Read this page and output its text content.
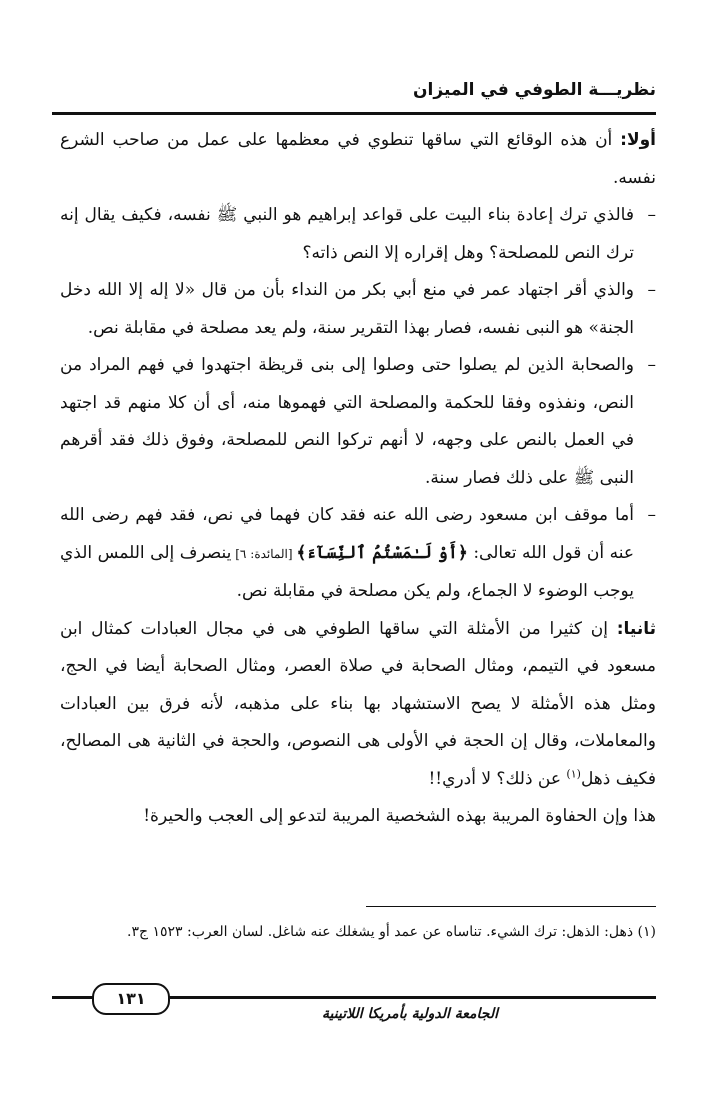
نظريـــة الطوفي في الميزان

أولا: أن هذه الوقائع التي ساقها تنطوي في معظمها على عمل من صاحب الشرع نفسه.

–
فالذي ترك إعادة بناء البيت على قواعد إبراهيم هو النبي ﷺ نفسه، فكيف يقال إنه ترك النص للمصلحة؟ وهل إقراره إلا النص ذاته؟

–
والذي أقر اجتهاد عمر في منع أبي بكر من النداء بأن من قال «لا إله إلا الله دخل الجنة» هو النبى نفسه، فصار بهذا التقرير سنة، ولم يعد مصلحة في مقابلة نص.

–
والصحابة الذين لم يصلوا حتى وصلوا إلى بنى قريظة اجتهدوا في فهم المراد من النص، ونفذوه وفقا للحكمة والمصلحة التي فهموها منه، أى أن كلا منهم قد اجتهد في العمل بالنص على وجهه، لا أنهم تركوا النص للمصلحة، وفوق ذلك فقد أقرهم النبى ﷺ على ذلك فصار سنة.

–
أما موقف ابن مسعود رضى الله عنه فقد كان فهما في نص، فقد فهم رضى الله عنه أن قول الله تعالى: ﴿أَوْ لَـٰمَسْتُمُ ٱلنِّسَآءَ﴾ [المائدة: ٦] ينصرف إلى اللمس الذي يوجب الوضوء لا الجماع، ولم يكن مصلحة في مقابلة نص.

ثانيا: إن كثيرا من الأمثلة التي ساقها الطوفي هى في مجال العبادات كمثال ابن مسعود في التيمم، ومثال الصحابة في صلاة العصر، ومثال الصحابة أيضا في الحج، ومثل هذه الأمثلة لا يصح الاستشهاد بها بناء على مذهبه، لأنه فرق بين العبادات والمعاملات، وقال إن الحجة في الأولى هى النصوص، والحجة في الثانية هى المصالح، فكيف ذهل$^{(١)}$ عن ذلك؟ لا أدري!!

هذا وإن الحفاوة المريبة بهذه الشخصية المريبة لتدعو إلى العجب والحيرة!

(١) ذهل: الذهل: ترك الشيء. تناساه عن عمد أو يشغلك عنه شاغل. لسان العرب: ١٥٢٣ ج٣.
١٣١
الجامعة الدولية بأمريكا اللاتينية
